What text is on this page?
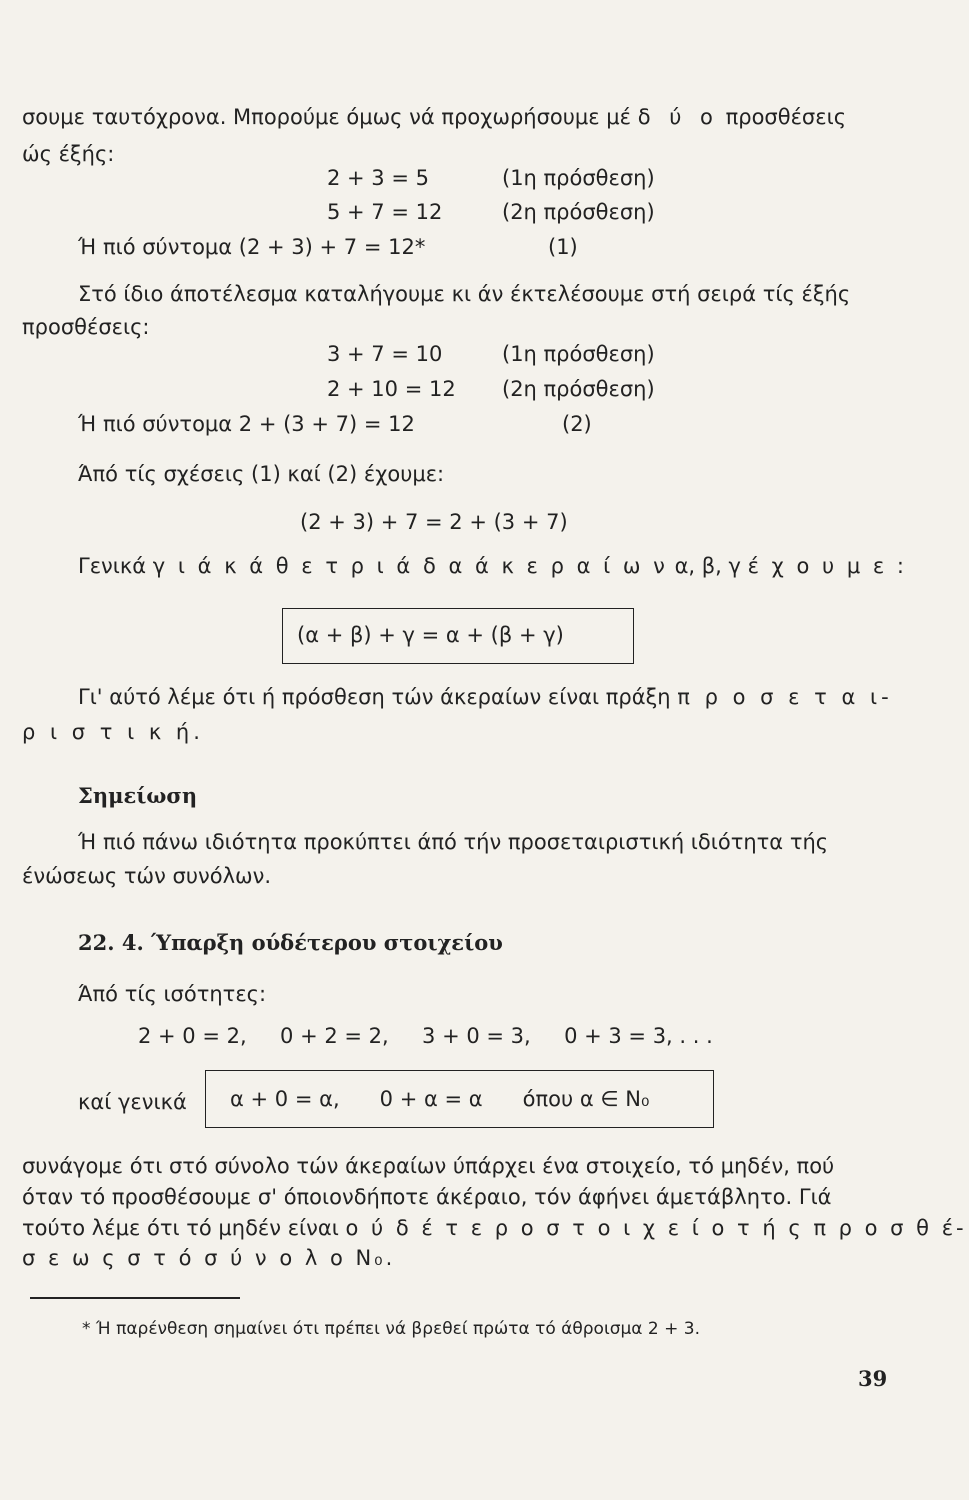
σουμε ταυτόχρονα. Μπορούμε όμως νά προχωρήσουμε μέ δ ύ ο προσθέσεις
ώς έξής:
2 + 3 = 5	(1η πρόσθεση)
5 + 7 = 12	(2η πρόσθεση)
Ή πιό σύντομα (2 + 3) + 7 = 12*	(1)
Στό ίδιο άποτέλεσμα καταλήγουμε κι άν έκτελέσουμε στή σειρά τίς έξής
προσθέσεις:
3 + 7 = 10	(1η πρόσθεση)
2 + 10 = 12 (2η πρόσθεση)
Ή πιό σύντομα 2 + (3 + 7) = 12	(2)
Άπό τίς σχέσεις (1) καί (2) έχουμε:
(2 + 3) + 7 = 2 + (3 + 7)
Γενικά γ ι ά κ ά θ ε τ ρ ι ά δ α ά κ ε ρ α ί ω ν α, β, γ έ χ ο υ μ ε :
(α + β) + γ = α + (β + γ)
Γι' αύτό λέμε ότι ή πρόσθεση τών άκεραίων είναι πράξη π ρ ο σ ε τ α ι-
ρ ι σ τ ι κ ή.
Σημείωση
Ή πιό πάνω ιδιότητα προκύπτει άπό τήν προσεταιριστική ιδιότητα τής
ένώσεως τών συνόλων.
22. 4. Ύπαρξη ούδέτερου στοιχείου
Άπό τίς ισότητες:
2 + 0 = 2,     0 + 2 = 2,     3 + 0 = 3,     0 + 3 = 3, . . .
καί γενικά α + 0 = α,      0 + α = α      όπου α ∈ N₀
συνάγομε ότι στό σύνολο τών άκεραίων ύπάρχει ένα στοιχείο, τό μηδέν, πού
όταν τό προσθέσουμε σ' όποιονδήποτε άκέραιο, τόν άφήνει άμετάβλητο. Γιά
τούτο λέμε ότι τό μηδέν είναι ο ύ δ έ τ ε ρ ο σ τ ο ι χ ε ί ο τ ή ς π ρ ο σ θ έ-
σ ε ω ς σ τ ό σ ύ ν ο λ ο N₀.
* Ή παρένθεση σημαίνει ότι πρέπει νά βρεθεί πρώτα τό άθροισμα 2 + 3.
39
